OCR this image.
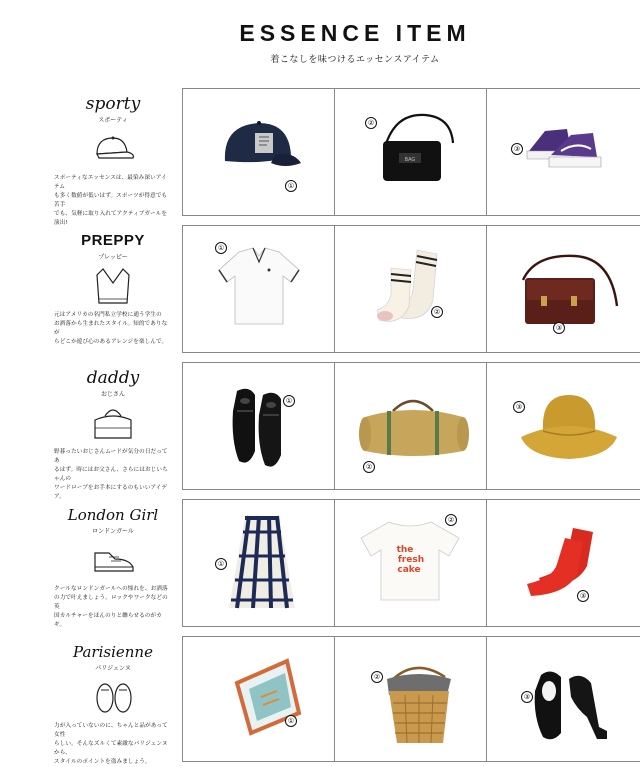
ESSENCE ITEM
着こなしを味つけるエッセンスアイテム
sporty
スポーティ
スポーティなエッセンスは、最染み深いアイテム
も多く数値が低いはず。スポーツが得意でも苦手
でも、気軽に取り入れてアクティブガールを演出!
①
BAG
②
③
PREPPY
プレッピー
元はアメリカの名門私立学校に通う学生の
お洒落から生まれたスタイル。知的でありなが
らどこか遊び心のあるアレンジを楽しんで。
①
②
③
daddy
おじさん
野暮ったいおじさんムードが気分の日だってあ
るはず。時にはお父さん、さらにはおじいちゃんの
ワードローブをお手本にするのもいいアイデア。
①
②
③
London Girl
ロンドンガール
クールなロンドンガールへの憧れを、お洒落
の力で叶えましょう。ロックやワークなどの英
国カルチャーをほんのりと纏らせるのがカギ。
①
the
fresh
cake
②
③
Parisienne
パリジェンヌ
力が入っていないのに、ちゃんと品があって女性
らしい。そんなズルくて素敵なパリジェンヌから、
スタイルのポイントを盗みましょう。
①
②
③
